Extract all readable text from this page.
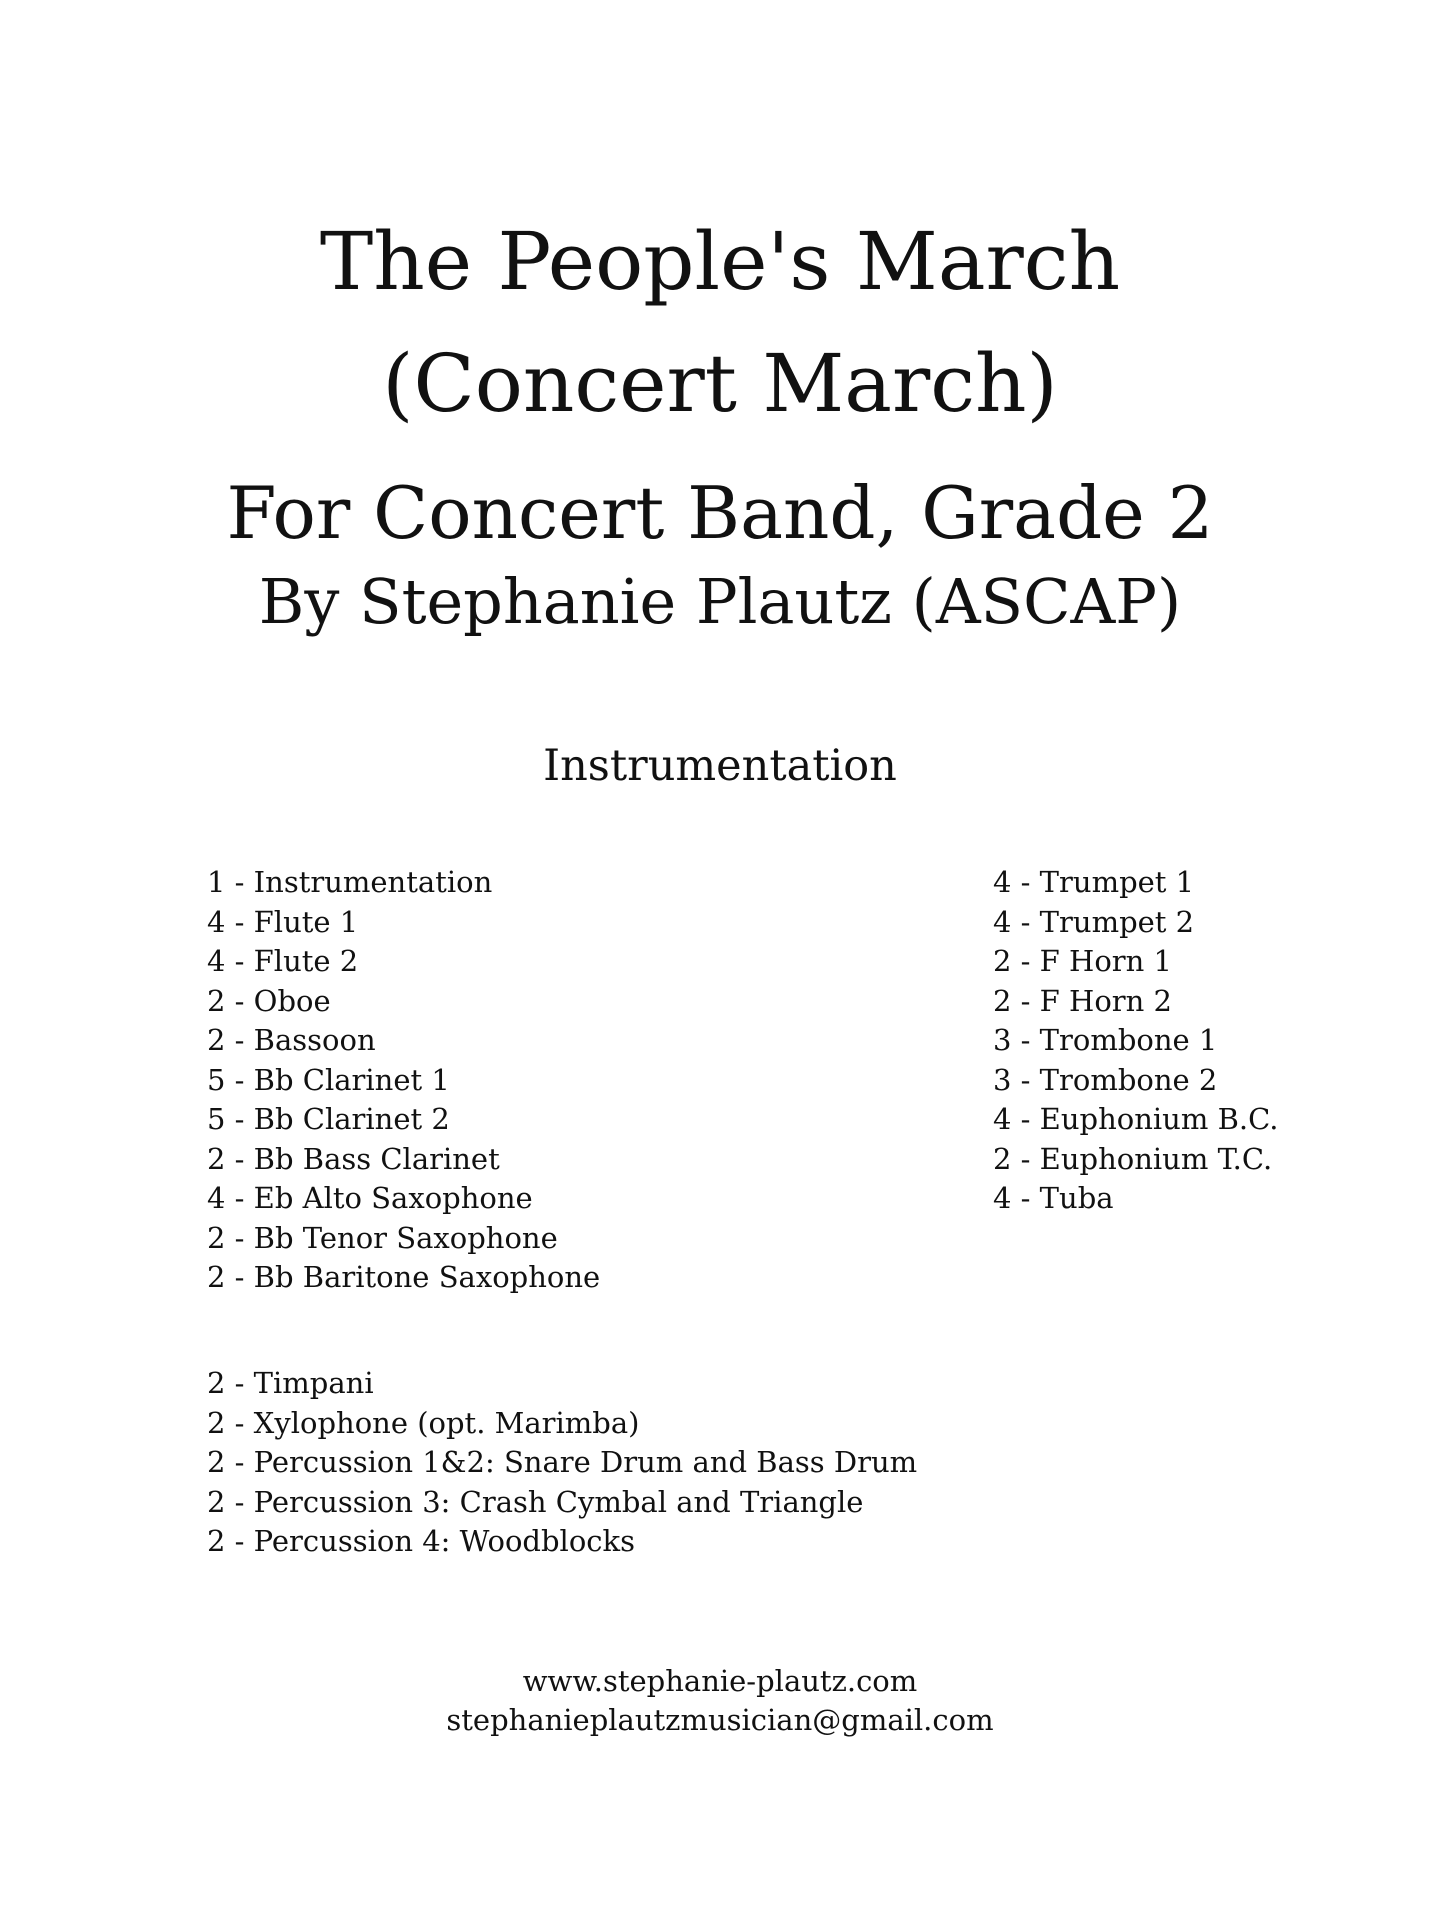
The People's March
(Concert March)
For Concert Band, Grade 2
By Stephanie Plautz (ASCAP)
Instrumentation
1 - Instrumentation
4 - Flute 1
4 - Flute 2
2 - Oboe
2 - Bassoon
5 - Bb Clarinet 1
5 - Bb Clarinet 2
2 - Bb Bass Clarinet
4 - Eb Alto Saxophone
2 - Bb Tenor Saxophone
2 - Bb Baritone Saxophone
4 - Trumpet 1
4 - Trumpet 2
2 - F Horn 1
2 - F Horn 2
3 - Trombone 1
3 - Trombone 2
4 - Euphonium B.C.
2 - Euphonium T.C.
4 - Tuba
2 - Timpani
2 - Xylophone (opt. Marimba)
2 - Percussion 1&2: Snare Drum and Bass Drum
2 - Percussion 3: Crash Cymbal and Triangle
2 - Percussion 4: Woodblocks
www.stephanie-plautz.com
stephanieplautzmusician@gmail.com
